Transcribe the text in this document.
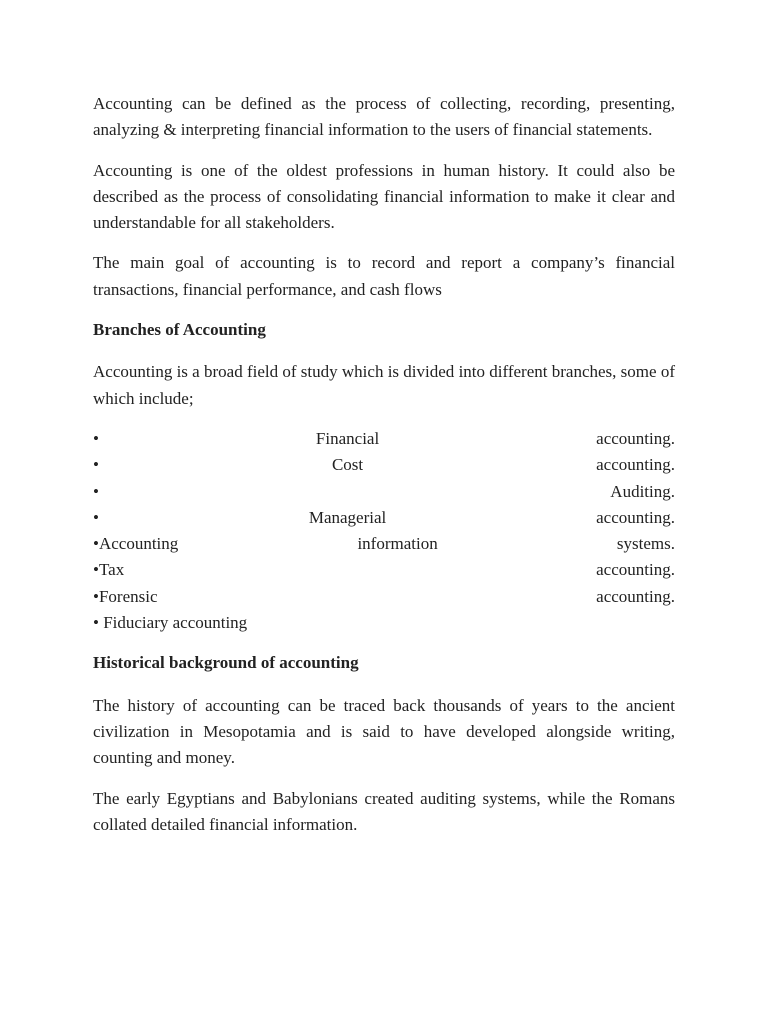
Accounting can be defined as the process of collecting, recording, presenting, analyzing & interpreting financial information to the users of financial statements.

Accounting is one of the oldest professions in human history. It could also be described as the process of consolidating financial information to make it clear and understandable for all stakeholders.

The main goal of accounting is to record and report a company’s financial transactions, financial performance, and cash flows

Branches of Accounting

Accounting is a broad field of study which is divided into different branches, some of which include;

•	Financial	accounting.
•	Cost	accounting.
•	Auditing.
•	Managerial	accounting.
•Accounting	information	systems.
•Tax	accounting.
•Forensic	accounting.
• Fiduciary accounting
Historical background of accounting

The history of accounting can be traced back thousands of years to the ancient civilization in Mesopotamia and is said to have developed alongside writing, counting and money.

The early Egyptians and Babylonians created auditing systems, while the Romans collated detailed financial information.
